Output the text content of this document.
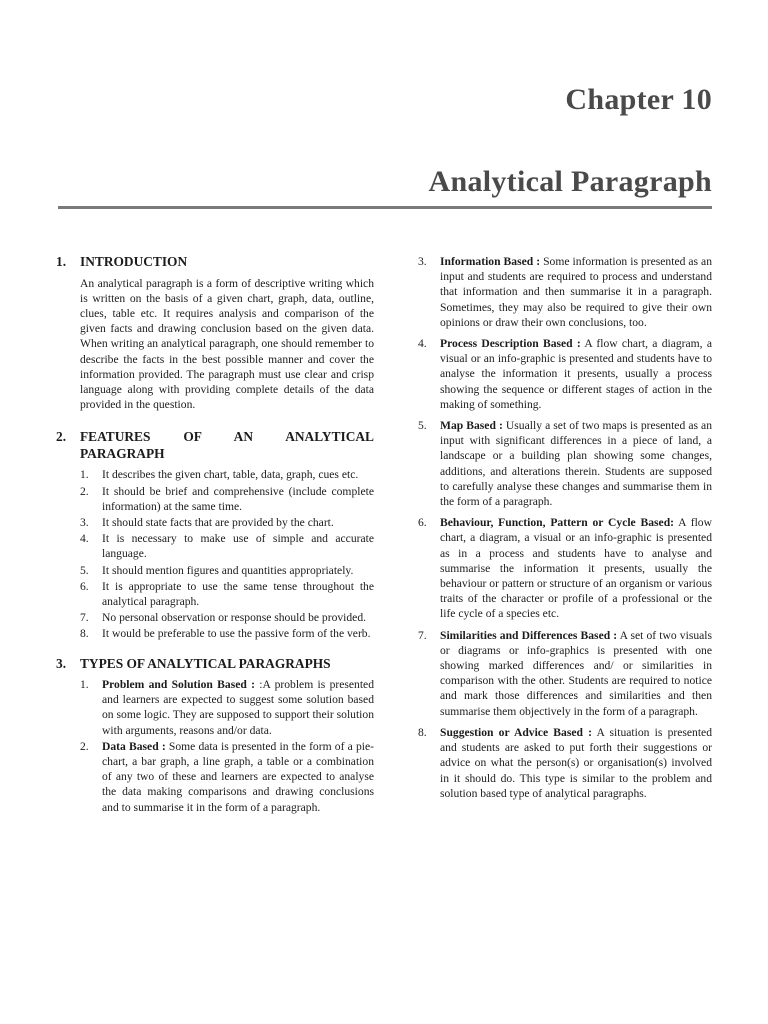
Chapter 10
Analytical Paragraph
1.	INTRODUCTION
An analytical paragraph is a form of descriptive writing which is written on the basis of a given chart, graph, data, outline, clues, table etc. It requires analysis and comparison of the given facts and drawing conclusion based on the given data. When writing an analytical paragraph, one should remember to describe the facts in the best possible manner and cover the information provided. The paragraph must use clear and crisp language along with providing complete details of the data provided in the question.
2.	FEATURES OF AN ANALYTICAL
PARAGRAPH
1.	It describes the given chart, table, data, graph, cues etc.
2.	It should be brief and comprehensive (include complete information) at the same time.
3.	It should state facts that are provided by the chart.
4.	It is necessary to make use of simple and accurate language.
5.	It should mention figures and quantities appropriately.
6.	It is appropriate to use the same tense throughout the analytical paragraph.
7.	No personal observation or response should be provided.
8.	It would be preferable to use the passive form of the verb.
3.	TYPES OF ANALYTICAL PARAGRAPHS
1.	Problem and Solution Based : :A problem is presented and learners are expected to suggest some solution based on some logic. They are supposed to support their solution with arguments, reasons and/or data.
2.	Data Based : Some data is presented in the form of a pie-chart, a bar graph, a line graph, a table or a combination of any two of these and learners are expected to analyse the data making comparisons and drawing conclusions and to summarise it in the form of a paragraph.
3.	Information Based : Some information is presented as an input and students are required to process and understand that information and then summarise it in a paragraph. Sometimes, they may also be required to give their own opinions or draw their own conclusions, too.
4.	Process Description Based : A flow chart, a diagram, a visual or an info-graphic is presented and students have to analyse the information it presents, usually a process showing the sequence or different stages of action in the making of something.
5.	Map Based : Usually a set of two maps is presented as an input with significant differences in a piece of land, a landscape or a building plan showing some changes, additions, and alterations therein. Students are supposed to carefully analyse these changes and summarise them in the form of a paragraph.
6.	Behaviour, Function, Pattern or Cycle Based: A flow chart, a diagram, a visual or an info-graphic is presented as in a process and students have to analyse and summarise the information it presents, usually the behaviour or pattern or structure of an organism or various traits of the character or profile of a professional or the life cycle of a species etc.
7.	Similarities and Differences Based : A set of two visuals or diagrams or info-graphics is presented with one showing marked differences and/ or similarities in comparison with the other. Students are required to notice and mark those differences and similarities and then summarise them objectively in the form of a paragraph.
8.	Suggestion or Advice Based : A situation is presented and students are asked to put forth their suggestions or advice on what the person(s) or organisation(s) involved in it should do. This type is similar to the problem and solution based type of analytical paragraphs.
